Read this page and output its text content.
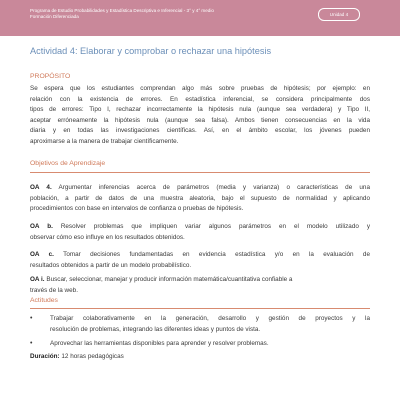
Programa de Estudio Probabilidades y Estadística Descriptiva e Inferencial - 3° y 4° medio
Formación Diferenciada	Unidad 4
Actividad 4: Elaborar y comprobar o rechazar una hipótesis
PROPÓSITO
Se espera que los estudiantes comprendan algo más sobre pruebas de hipótesis; por ejemplo: en
relación con la existencia de errores. En estadística inferencial, se considera principalmente dos
tipos de errores: Tipo I, rechazar incorrectamente la hipótesis nula (aunque sea verdadera) y Tipo II,
aceptar erróneamente la hipótesis nula (aunque sea falsa). Ambos tienen consecuencias en la vida
diaria y en todas las investigaciones científicas. Así, en el ámbito escolar, los jóvenes pueden
aproximarse a la manera de trabajar científicamente.
Objetivos de Aprendizaje
OA 4. Argumentar inferencias acerca de parámetros (media y varianza) o características de una
población, a partir de datos de una muestra aleatoria, bajo el supuesto de normalidad y aplicando
procedimientos con base en intervalos de confianza o pruebas de hipótesis.
OA b. Resolver problemas que impliquen variar algunos parámetros en el modelo utilizado y
observar cómo eso influye en los resultados obtenidos.
OA c. Tomar decisiones fundamentadas en evidencia estadística y/o en la evaluación de
resultados obtenidos a partir de un modelo probabilístico.
OA i. Buscar, seleccionar, manejar y producir información matemática/cuantitativa confiable a
través de la web.
Actitudes
•	Trabajar colaborativamente en la generación, desarrollo y gestión de proyectos y la
resolución de problemas, integrando las diferentes ideas y puntos de vista.
•	Aprovechar las herramientas disponibles para aprender y resolver problemas.
Duración: 12 horas pedagógicas
